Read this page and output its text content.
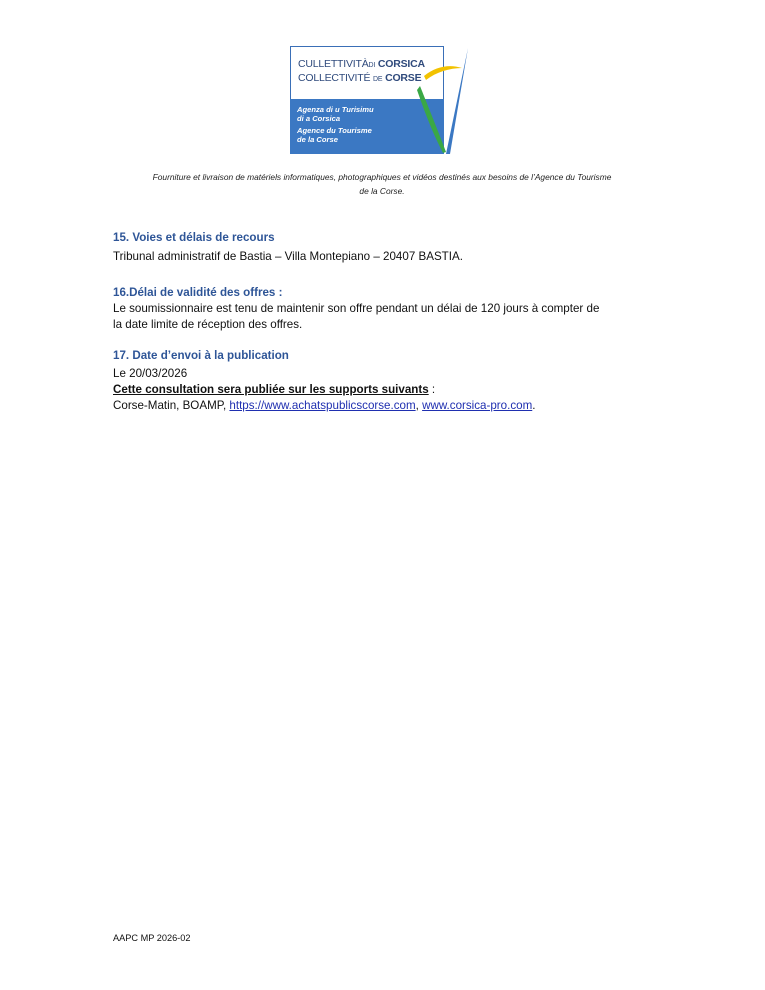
CULLETTIVITÀDI CORSICA
COLLECTIVITÉ DE CORSE
Agenza di u Turisimu
di a Corsica
Agence du Tourisme
de la Corse
Fourniture et livraison de matériels informatiques, photographiques et vidéos destinés aux besoins de l’Agence du Tourisme
de la Corse.
15. Voies et délais de recours
Tribunal administratif de Bastia – Villa Montepiano – 20407 BASTIA.
16.Délai de validité des offres :
Le soumissionnaire est tenu de maintenir son offre pendant un délai de 120 jours à compter de
la date limite de réception des offres.
17. Date d’envoi à la publication
Le 20/03/2026
Cette consultation sera publiée sur les supports suivants :
Corse-Matin, BOAMP, https://www.achatspublicscorse.com, www.corsica-pro.com.
AAPC MP 2026-02
